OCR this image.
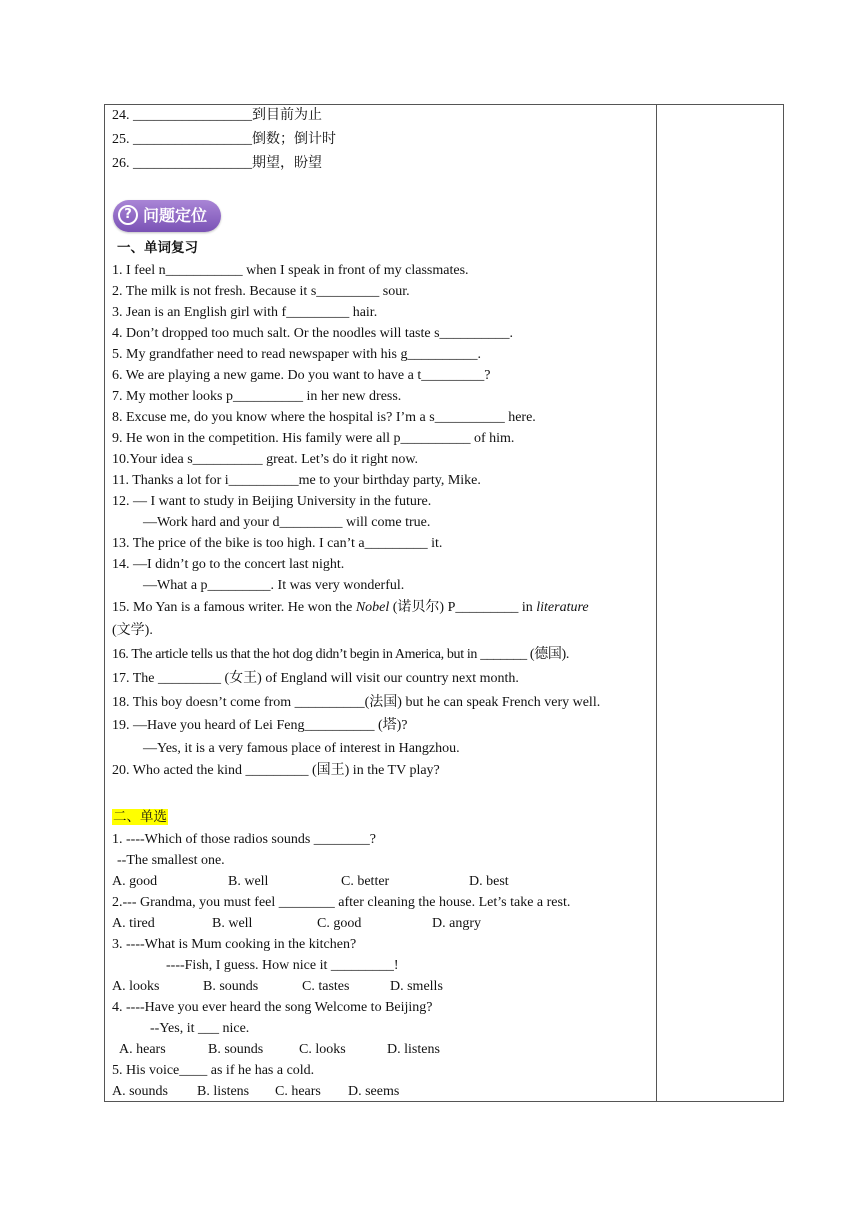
24. _________________到目前为止
25. _________________倒数；倒计时
26. _________________期望，盼望
? 问题定位
一、单词复习
1. I feel n___________ when I speak in front of my classmates.
2. The milk is not fresh. Because it s_________ sour.
3. Jean is an English girl with f_________ hair.
4. Don’t dropped too much salt. Or the noodles will taste s__________.
5. My grandfather need to read newspaper with his g__________.
6. We are playing a new game. Do you want to have a t_________?
7. My mother looks p__________ in her new dress.
8. Excuse me, do you know where the hospital is? I’m a s__________ here.
9. He won in the competition. His family were all p__________ of him.
10.Your idea s__________ great. Let’s do it right now.
11. Thanks a lot for i__________me to your birthday party, Mike.
12. — I want to study in Beijing University in the future.
—Work hard and your d_________ will come true.
13. The price of the bike is too high. I can’t a_________ it.
14. —I didn’t go to the concert last night.
—What a p_________. It was very wonderful.
15. Mo Yan is a famous writer. He won the Nobel (诺贝尔) P_________ in literature
(文学).
16. The article tells us that the hot dog didn’t begin in America, but in _______ (德国).
17. The _________ (女王) of England will visit our country next month.
18. This boy doesn’t come from __________(法国) but he can speak French very well.
19. —Have you heard of Lei Feng__________ (塔)?
—Yes, it is a very famous place of interest in Hangzhou.
20. Who acted the kind _________ (国王) in the TV play?
二、单选
1. ----Which of those radios sounds ________?
--The smallest one.
A. good	B. well	C. better	D. best
2.--- Grandma, you must feel ________ after cleaning the house. Let’s take a rest.
A. tired	B. well	C. good	D. angry
3. ----What is Mum cooking in the kitchen?
----Fish, I guess. How nice it _________!
A. looks	B. sounds	C. tastes	D. smells
4. ----Have you ever heard the song Welcome to Beijing?
--Yes, it ___ nice.
A. hears	B. sounds	C. looks	D. listens
5. His voice____ as if he has a cold.
A. sounds B. listens C. hears D. seems
